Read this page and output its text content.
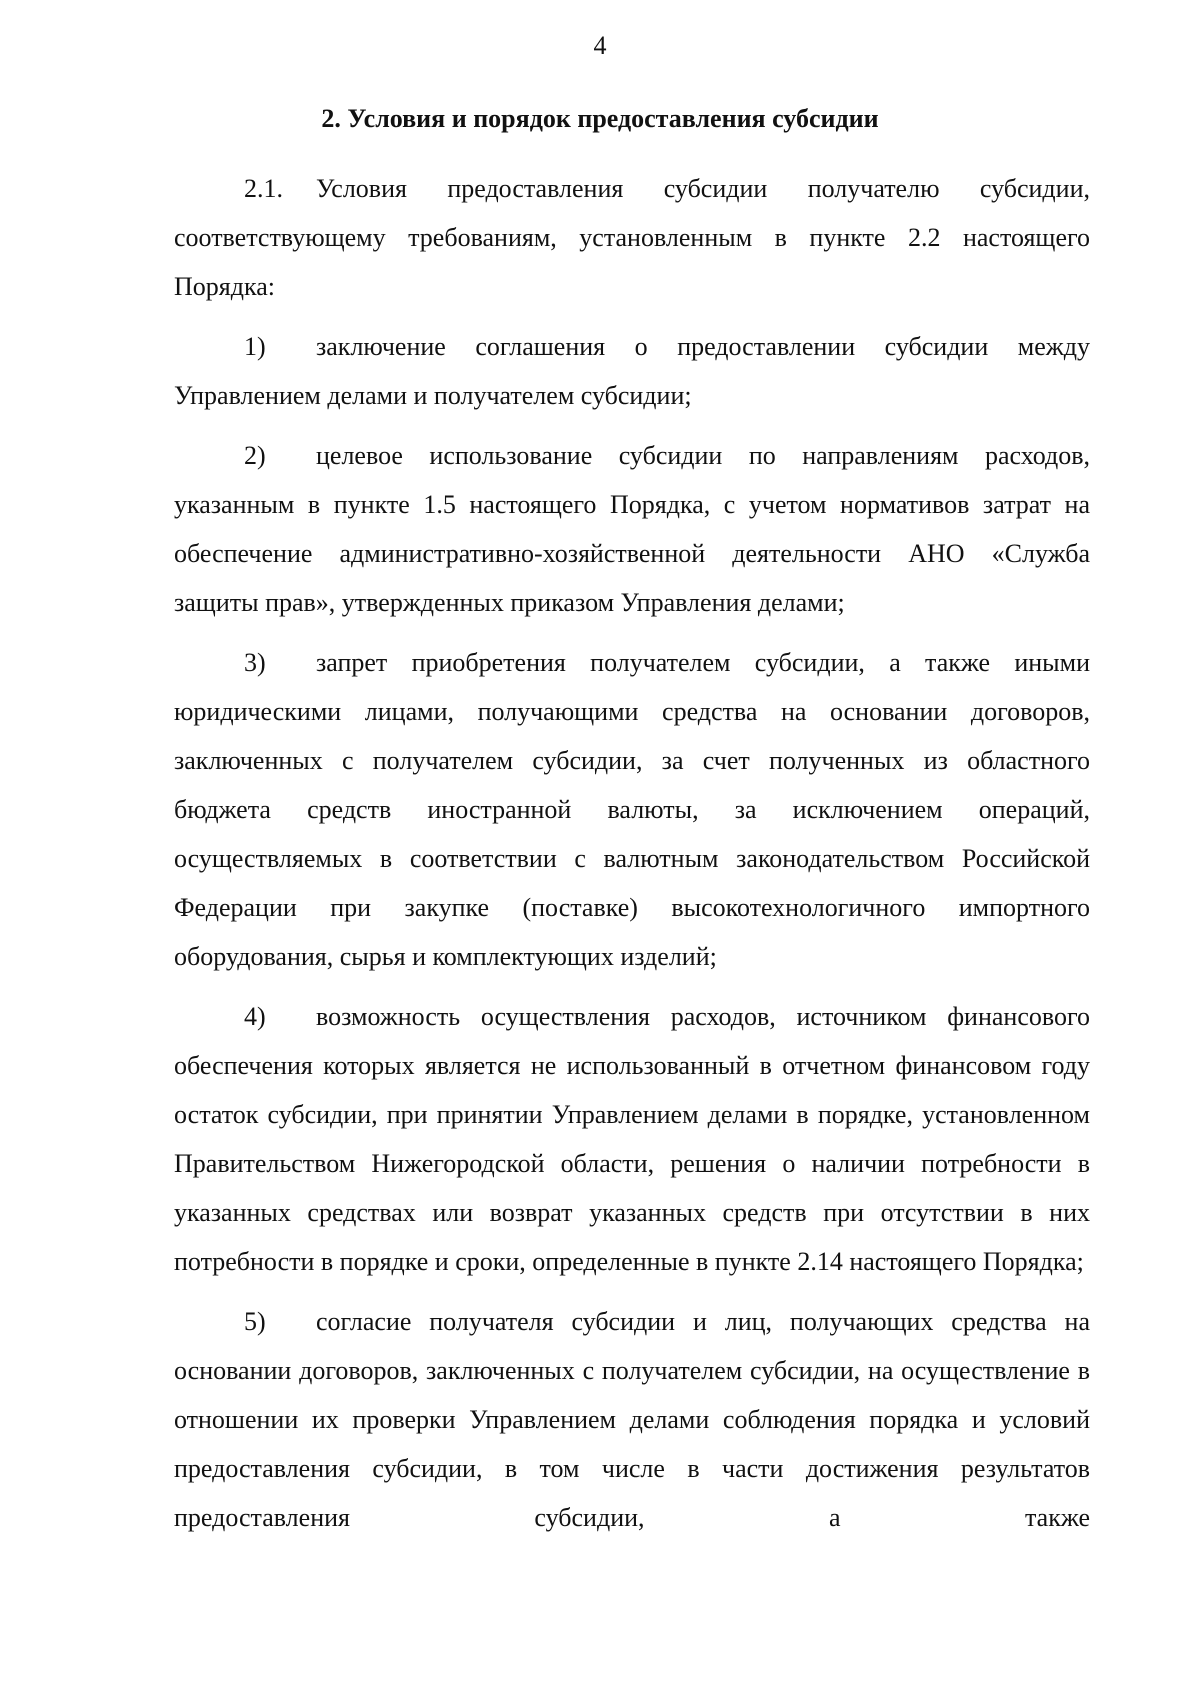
4
2. Условия и порядок предоставления субсидии

2.1. Условия предоставления субсидии получателю субсидии, соответствующему требованиям, установленным в пункте 2.2 настоящего Порядка:

1) заключение соглашения о предоставлении субсидии между Управлением делами и получателем субсидии;

2) целевое использование субсидии по направлениям расходов, указанным в пункте 1.5 настоящего Порядка, с учетом нормативов затрат на обеспечение административно-хозяйственной деятельности АНО «Служба защиты прав», утвержденных приказом Управления делами;

3) запрет приобретения получателем субсидии, а также иными юридическими лицами, получающими средства на основании договоров, заключенных с получателем субсидии, за счет полученных из областного бюджета средств иностранной валюты, за исключением операций, осуществляемых в соответствии с валютным законодательством Российской Федерации при закупке (поставке) высокотехнологичного импортного оборудования, сырья и комплектующих изделий;

4) возможность осуществления расходов, источником финансового обеспечения которых является не использованный в отчетном финансовом году остаток субсидии, при принятии Управлением делами в порядке, установленном Правительством Нижегородской области, решения о наличии потребности в указанных средствах или возврат указанных средств при отсутствии в них потребности в порядке и сроки, определенные в пункте 2.14 настоящего Порядка;

5) согласие получателя субсидии и лиц, получающих средства на основании договоров, заключенных с получателем субсидии, на осуществление в отношении их проверки Управлением делами соблюдения порядка и условий предоставления субсидии, в том числе в части достижения результатов предоставления субсидии, а также
